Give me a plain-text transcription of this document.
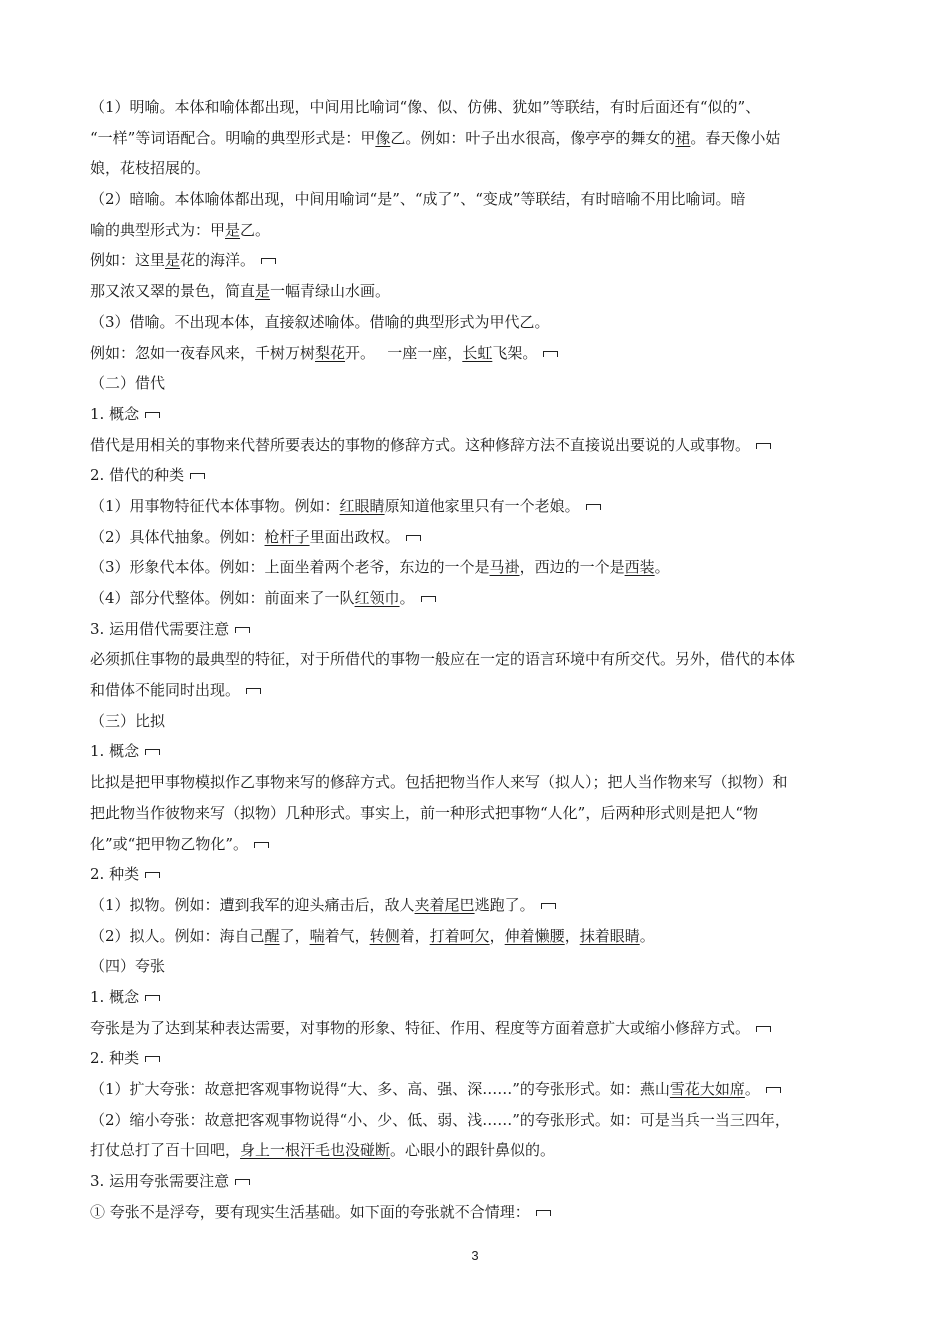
（1）明喻。本体和喻体都出现，中间用比喻词“像、似、仿佛、犹如”等联结，有时后面还有“似的”、
“一样”等词语配合。明喻的典型形式是：甲像乙。例如：叶子出水很高，像亭亭的舞女的裙。春天像小姑
娘，花枝招展的。
（2）暗喻。本体喻体都出现，中间用喻词“是”、“成了”、“变成”等联结，有时暗喻不用比喻词。暗
喻的典型形式为：甲是乙。
例如：这里是花的海洋。
那又浓又翠的景色，简直是一幅青绿山水画。
（3）借喻。不出现本体，直接叙述喻体。借喻的典型形式为甲代乙。
例如：忽如一夜春风来，千树万树梨花开。　 一座一座，长虹飞架。
（二）借代
1. 概念
借代是用相关的事物来代替所要表达的事物的修辞方式。这种修辞方法不直接说出要说的人或事物。
2. 借代的种类
（1）用事物特征代本体事物。例如：红眼睛原知道他家里只有一个老娘。
（2）具体代抽象。例如：枪杆子里面出政权。
（3）形象代本体。例如：上面坐着两个老爷，东边的一个是马褂，西边的一个是西装。
（4）部分代整体。例如：前面来了一队红领巾。
3. 运用借代需要注意
必须抓住事物的最典型的特征，对于所借代的事物一般应在一定的语言环境中有所交代。另外，借代的本体
和借体不能同时出现。
（三）比拟
1. 概念
比拟是把甲事物模拟作乙事物来写的修辞方式。包括把物当作人来写（拟人）；把人当作物来写（拟物）和
把此物当作彼物来写（拟物）几种形式。事实上，前一种形式把事物“人化”，后两种形式则是把人“物
化”或“把甲物乙物化”。
2. 种类
（1）拟物。例如：遭到我军的迎头痛击后，敌人夹着尾巴逃跑了。
（2）拟人。例如：海自己醒了，喘着气，转侧着，打着呵欠，伸着懒腰，抹着眼睛。
（四）夸张
1. 概念
夸张是为了达到某种表达需要，对事物的形象、特征、作用、程度等方面着意扩大或缩小修辞方式。
2. 种类
（1）扩大夸张：故意把客观事物说得“大、多、高、强、深……”的夸张形式。如：燕山雪花大如席。
（2）缩小夸张：故意把客观事物说得“小、少、低、弱、浅……”的夸张形式。如：可是当兵一当三四年，
打仗总打了百十回吧，身上一根汗毛也没碰断。心眼小的跟针鼻似的。
3. 运用夸张需要注意
① 夸张不是浮夸，要有现实生活基础。如下面的夸张就不合情理：
3
